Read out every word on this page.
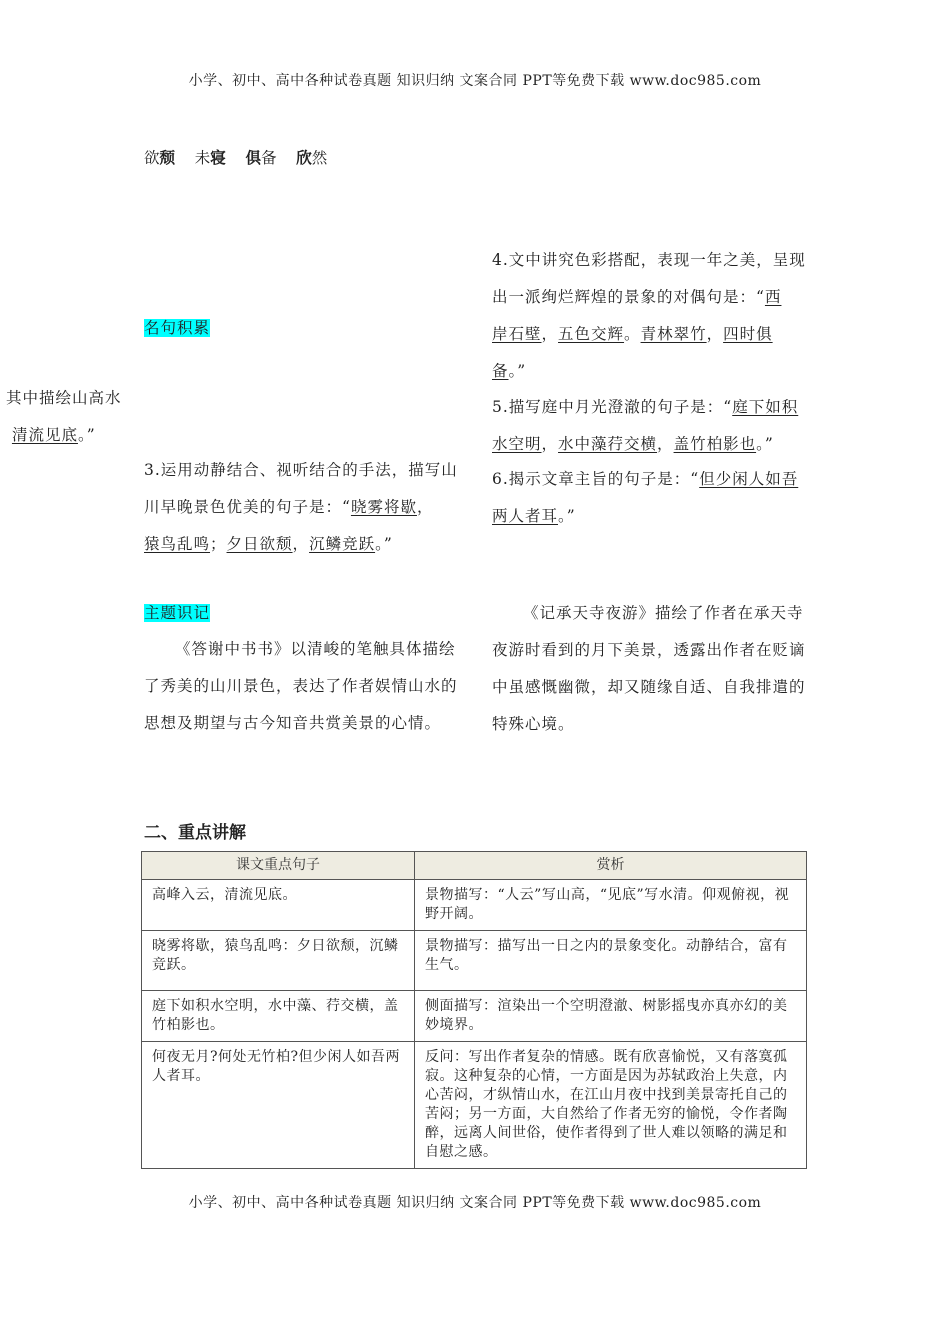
小学、初中、高中各种试卷真题 知识归纳 文案合同 PPT等免费下载 www.doc985.com
欲颓 未寝 俱备 欣然
名句积累
其中描绘山高水
清流见底。”
3.运用动静结合、视听结合的手法，描写山
川早晚景色优美的句子是：“晓雾将歇，
猿鸟乱鸣；夕日欲颓，沉鳞竞跃。”
4.文中讲究色彩搭配，表现一年之美，呈现
出一派绚烂辉煌的景象的对偶句是：“西
岸石壁，五色交辉。青林翠竹，四时俱
备。”
5.描写庭中月光澄澈的句子是：“庭下如积
水空明，水中藻荇交横，盖竹柏影也。”
6.揭示文章主旨的句子是：“但少闲人如吾
两人者耳。”
主题识记

《答谢中书书》以清峻的笔触具体描绘了秀美的山川景色，表达了作者娱情山水的思想及期望与古今知音共赏美景的心情。

《记承天寺夜游》描绘了作者在承天寺夜游时看到的月下美景，透露出作者在贬谪中虽感慨幽微，却又随缘自适、自我排遣的特殊心境。

二、重点讲解
课文重点句子	赏析
高峰入云，清流见底。	景物描写：“人云”写山高，“见底”写水清。仰观俯视，视野开阔。
晓雾将歇，猿鸟乱鸣：夕日欲颓，沉鳞竞跃。	景物描写：描写出一日之内的景象变化。动静结合，富有生气。
庭下如积水空明，水中藻、荇交横，盖竹柏影也。	侧面描写：渲染出一个空明澄澈、树影摇曳亦真亦幻的美妙境界。
何夜无月?何处无竹柏?但少闲人如吾两人者耳。	反问：写出作者复杂的情感。既有欣喜愉悦，又有落寞孤寂。这种复杂的心情，一方面是因为苏轼政治上失意，内心苦闷，才纵情山水，在江山月夜中找到美景寄托自己的苦闷；另一方面，大自然给了作者无穷的愉悦，令作者陶醉，远离人间世俗，使作者得到了世人难以领略的满足和自慰之感。
小学、初中、高中各种试卷真题 知识归纳 文案合同 PPT等免费下载 www.doc985.com
